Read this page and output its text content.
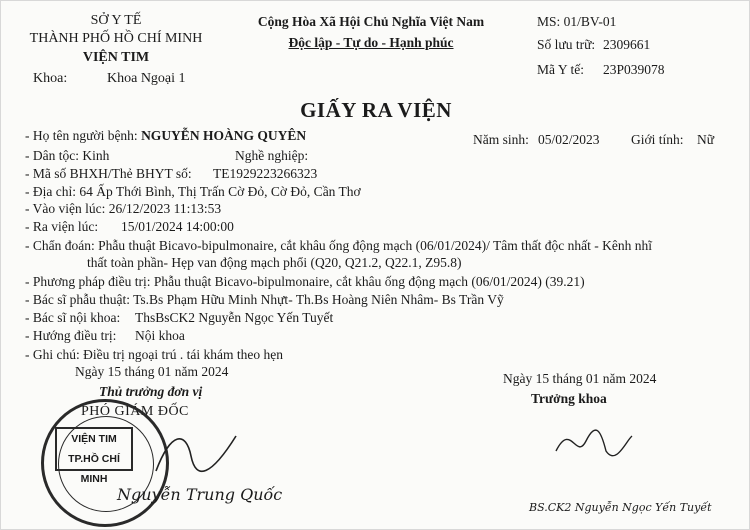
SỞ Y TẾ
THÀNH PHỐ HỒ CHÍ MINH
VIỆN TIM
Khoa:	Khoa Ngoại 1
Cộng Hòa Xã Hội Chủ Nghĩa Việt Nam
Độc lập - Tự do - Hạnh phúc
MS: 01/BV-01
Số lưu trữ: 2309661
Mã Y tế: 23P039078
GIẤY RA VIỆN
- Họ tên người bệnh: NGUYỄN HOÀNG QUYÊN	Năm sinh: 05/02/2023 Giới tính: Nữ
- Dân tộc: Kinh	Nghề nghiệp:
- Mã số BHXH/Thẻ BHYT số: TE1929223266323
- Địa chỉ: 64 Ấp Thới Bình, Thị Trấn Cờ Đỏ, Cờ Đỏ, Cần Thơ
- Vào viện lúc: 26/12/2023 11:13:53
- Ra viện lúc: 15/01/2024 14:00:00
- Chẩn đoán: Phẫu thuật Bicavo-bipulmonaire, cắt khâu ống động mạch (06/01/2024)/ Tâm thất độc nhất - Kênh nhĩ
thất toàn phần- Hẹp van động mạch phổi (Q20, Q21.2, Q22.1, Z95.8)
- Phương pháp điều trị: Phẫu thuật Bicavo-bipulmonaire, cắt khâu ống động mạch (06/01/2024) (39.21)
- Bác sĩ phẫu thuật: Ts.Bs Phạm Hữu Minh Nhựt- Th.Bs Hoàng Niên Nhâm- Bs Trần Vỹ
- Bác sĩ nội khoa: ThsBsCK2 Nguyễn Ngọc Yến Tuyết
- Hướng điều trị: Nội khoa
- Ghi chú: Điều trị ngoại trú . tái khám theo hẹn
Ngày 15 tháng 01 năm 2024
Thủ trưởng đơn vị
PHÓ GIÁM ĐỐC
VIỆN TIM
TP.HỒ CHÍ MINH
Nguyễn Trung Quốc
Ngày 15 tháng 01 năm 2024
Trưởng khoa
BS.CK2 Nguyễn Ngọc Yến Tuyết
